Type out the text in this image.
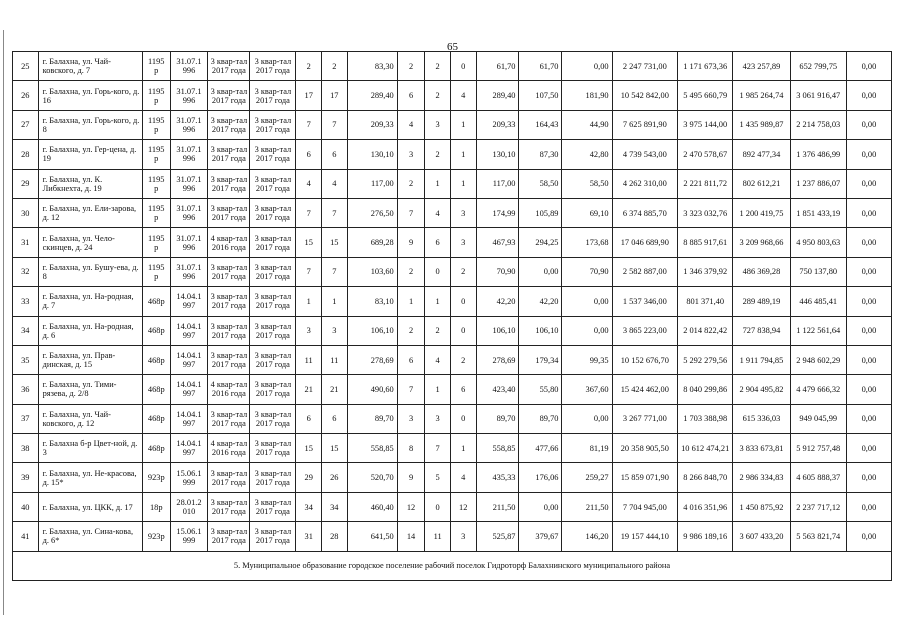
65
25	г. Балахна, ул. Чай-ковского, д. 7	1195 р	31.07.1 996	3 квар-тал 2017 года	3 квар-тал 2017 года	2	2	83,30	2	2	0	61,70	61,70	0,00	2 247 731,00	1 171 673,36	423 257,89	652 799,75	0,00
26	г. Балахна, ул. Горь-кого, д. 16	1195 р	31.07.1 996	3 квар-тал 2017 года	3 квар-тал 2017 года	17	17	289,40	6	2	4	289,40	107,50	181,90	10 542 842,00	5 495 660,79	1 985 264,74	3 061 916,47	0,00
27	г. Балахна, ул. Горь-кого, д. 8	1195 р	31.07.1 996	3 квар-тал 2017 года	3 квар-тал 2017 года	7	7	209,33	4	3	1	209,33	164,43	44,90	7 625 891,90	3 975 144,00	1 435 989,87	2 214 758,03	0,00
28	г. Балахна, ул. Гер-цена, д. 19	1195 р	31.07.1 996	3 квар-тал 2017 года	3 квар-тал 2017 года	6	6	130,10	3	2	1	130,10	87,30	42,80	4 739 543,00	2 470 578,67	892 477,34	1 376 486,99	0,00
29	г. Балахна, ул. К. Либкнехта, д. 19	1195 р	31.07.1 996	3 квар-тал 2017 года	3 квар-тал 2017 года	4	4	117,00	2	1	1	117,00	58,50	58,50	4 262 310,00	2 221 811,72	802 612,21	1 237 886,07	0,00
30	г. Балахна, ул. Ели-зарова, д. 12	1195 р	31.07.1 996	3 квар-тал 2017 года	3 квар-тал 2017 года	7	7	276,50	7	4	3	174,99	105,89	69,10	6 374 885,70	3 323 032,76	1 200 419,75	1 851 433,19	0,00
31	г. Балахна, ул. Чело-скинцев, д. 24	1195 р	31.07.1 996	4 квар-тал 2016 года	3 квар-тал 2017 года	15	15	689,28	9	6	3	467,93	294,25	173,68	17 046 689,90	8 885 917,61	3 209 968,66	4 950 803,63	0,00
32	г. Балахна, ул. Бушу-ева, д. 8	1195 р	31.07.1 996	3 квар-тал 2017 года	3 квар-тал 2017 года	7	7	103,60	2	0	2	70,90	0,00	70,90	2 582 887,00	1 346 379,92	486 369,28	750 137,80	0,00
33	г. Балахна, ул. На-родная, д. 7	468р	14.04.1 997	3 квар-тал 2017 года	3 квар-тал 2017 года	1	1	83,10	1	1	0	42,20	42,20	0,00	1 537 346,00	801 371,40	289 489,19	446 485,41	0,00
34	г. Балахна, ул. На-родная, д. 6	468р	14.04.1 997	3 квар-тал 2017 года	3 квар-тал 2017 года	3	3	106,10	2	2	0	106,10	106,10	0,00	3 865 223,00	2 014 822,42	727 838,94	1 122 561,64	0,00
35	г. Балахна, ул. Прав-динская, д. 15	468р	14.04.1 997	3 квар-тал 2017 года	3 квар-тал 2017 года	11	11	278,69	6	4	2	278,69	179,34	99,35	10 152 676,70	5 292 279,56	1 911 794,85	2 948 602,29	0,00
36	г. Балахна, ул. Тими-рязева, д. 2/8	468р	14.04.1 997	4 квар-тал 2016 года	3 квар-тал 2017 года	21	21	490,60	7	1	6	423,40	55,80	367,60	15 424 462,00	8 040 299,86	2 904 495,82	4 479 666,32	0,00
37	г. Балахна, ул. Чай-ковского, д. 12	468р	14.04.1 997	3 квар-тал 2017 года	3 квар-тал 2017 года	6	6	89,70	3	3	0	89,70	89,70	0,00	3 267 771,00	1 703 388,98	615 336,03	949 045,99	0,00
38	г. Балахна б-р Цвет-ной, д. 3	468р	14.04.1 997	4 квар-тал 2016 года	3 квар-тал 2017 года	15	15	558,85	8	7	1	558,85	477,66	81,19	20 358 905,50	10 612 474,21	3 833 673,81	5 912 757,48	0,00
39	г. Балахна, ул. Не-красова, д. 15*	923р	15.06.1 999	3 квар-тал 2017 года	3 квар-тал 2017 года	29	26	520,70	9	5	4	435,33	176,06	259,27	15 859 071,90	8 266 848,70	2 986 334,83	4 605 888,37	0,00
40	г. Балахна, ул. ЦКК, д. 17	18р	28.01.2 010	3 квар-тал 2017 года	3 квар-тал 2017 года	34	34	460,40	12	0	12	211,50	0,00	211,50	7 704 945,00	4 016 351,96	1 450 875,92	2 237 717,12	0,00
41	г. Балахна, ул. Сина-кова, д. 6*	923р	15.06.1 999	3 квар-тал 2017 года	3 квар-тал 2017 года	31	28	641,50	14	11	3	525,87	379,67	146,20	19 157 444,10	9 986 189,16	3 607 433,20	5 563 821,74	0,00
5. Муниципальное образование городское поселение рабочий поселок Гидроторф Балахнинского муниципального района																			
